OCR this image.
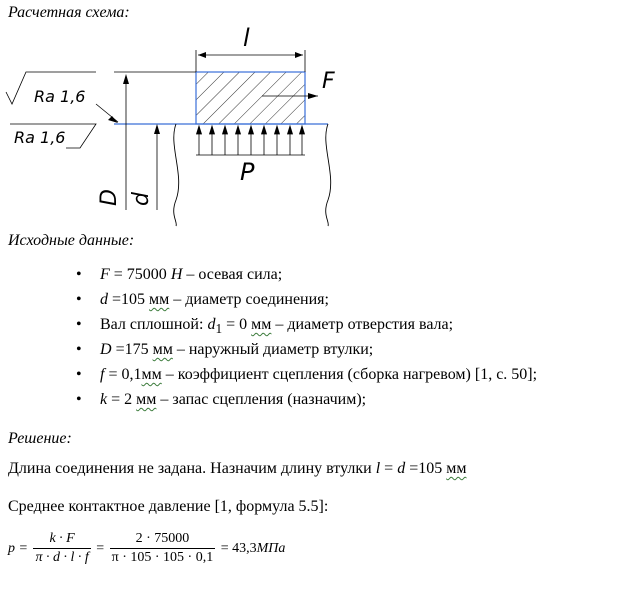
Расчетная схема:
l
F
P
D d
Ra 1,6
Ra 1,6
Исходные данные:
• F = 75000 Н – осевая сила;
• d =105 мм – диаметр соединения;
• Вал сплошной: $d_1 = 0$ мм – диаметр отверстия вала;
• D =175 мм – наружный диаметр втулки;
• f = 0,1мм – коэффициент сцепления (сборка нагревом) [1, с. 50];
• k = 2 мм – запас сцепления (назначим);
Решение:
Длина соединения не задана. Назначим длину втулки l = d =105 мм
Среднее контактное давление [1, формула 5.5]:
$p = \frac{k \cdot F}{\pi \cdot d \cdot l \cdot f} = \frac{2 \cdot 75000}{\pi \cdot 105 \cdot 105 \cdot 0,1} = 43,3МПа$
